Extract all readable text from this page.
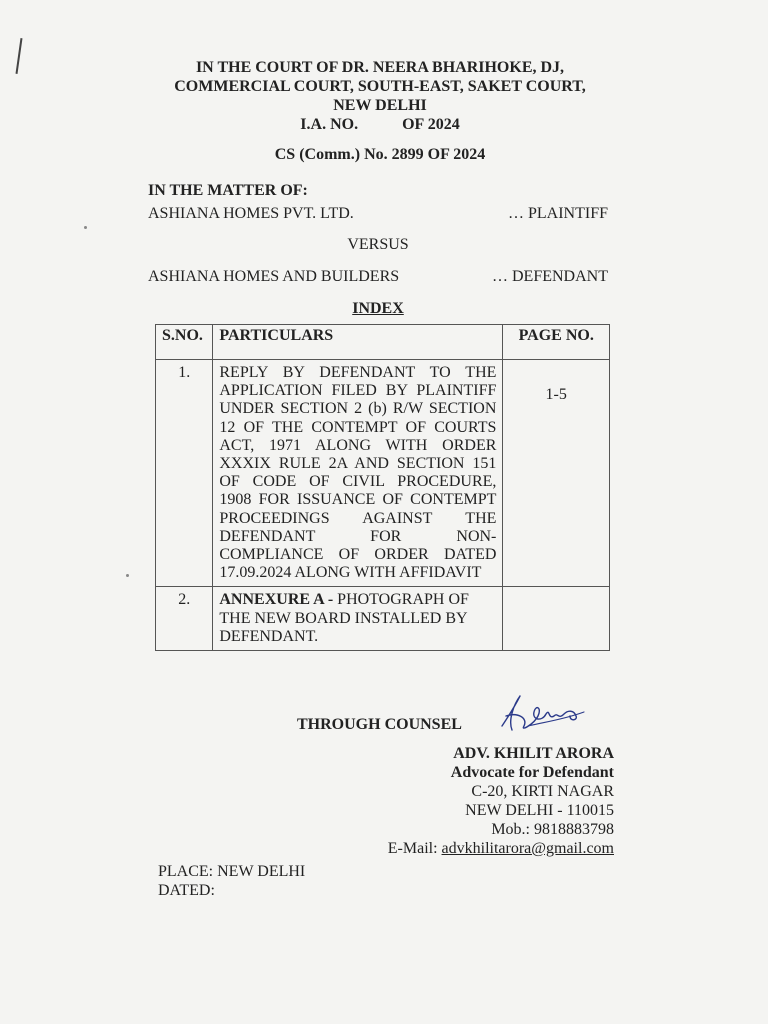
IN THE COURT OF DR. NEERA BHARIHOKE, DJ,
COMMERCIAL COURT, SOUTH-EAST, SAKET COURT,
NEW DELHI
I.A. NO.	OF 2024
CS (Comm.) No. 2899 OF 2024
IN THE MATTER OF:
ASHIANA HOMES PVT. LTD.	… PLAINTIFF
VERSUS
ASHIANA HOMES AND BUILDERS	… DEFENDANT
INDEX
S.NO.	PARTICULARS	PAGE NO.
1.	REPLY BY DEFENDANT TO THE APPLICATION FILED BY PLAINTIFF UNDER SECTION 2 (b) R/W SECTION 12 OF THE CONTEMPT OF COURTS ACT, 1971 ALONG WITH ORDER XXXIX RULE 2A AND SECTION 151 OF CODE OF CIVIL PROCEDURE, 1908 FOR ISSUANCE OF CONTEMPT PROCEEDINGS AGAINST THE DEFENDANT FOR NON-COMPLIANCE OF ORDER DATED 17.09.2024 ALONG WITH AFFIDAVIT	1-5
2.	ANNEXURE A - PHOTOGRAPH OF THE NEW BOARD INSTALLED BY DEFENDANT.	
THROUGH COUNSEL
ADV. KHILIT ARORA
Advocate for Defendant
C-20, KIRTI NAGAR
NEW DELHI - 110015
Mob.: 9818883798
E-Mail: advkhilitarora@gmail.com
PLACE: NEW DELHI
DATED:
